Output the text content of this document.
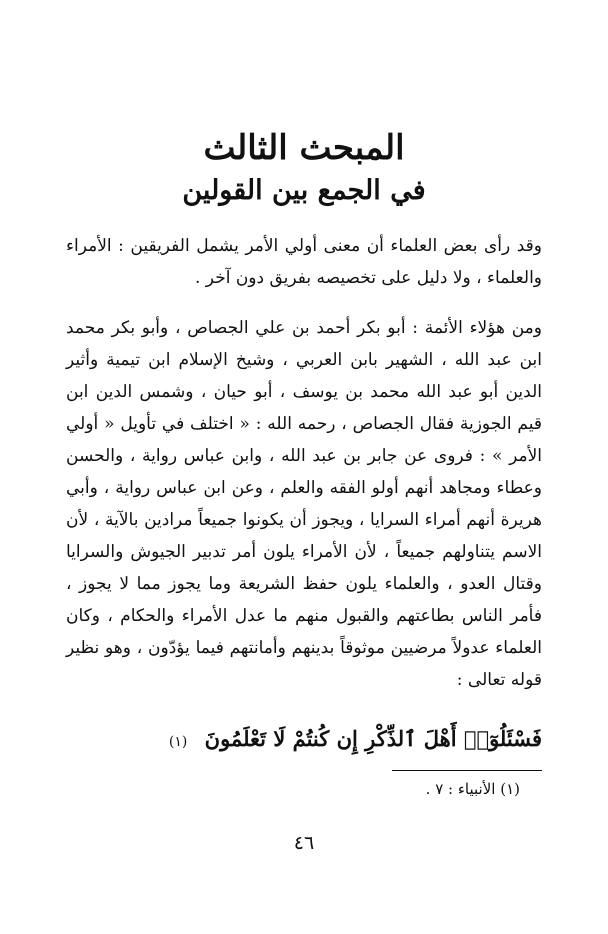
المبحث الثالث
في الجمع بين القولين

وقد رأى بعض العلماء أن معنى أولي الأمر يشمل الفريقين : الأمراء والعلماء ، ولا دليل على تخصيصه بفريق دون آخر .

ومن هؤلاء الأئمة : أبو بكر أحمد بن علي الجصاص ، وأبو بكر محمد ابن عبد الله ، الشهير بابن العربي ، وشيخ الإسلام ابن تيمية وأثير الدين أبو عبد الله محمد بن يوسف ، أبو حيان ، وشمس الدين ابن قيم الجوزية فقال الجصاص ، رحمه الله : « اختلف في تأويل « أولي الأمر » : فروى عن جابر بن عبد الله ، وابن عباس رواية ، والحسن وعطاء ومجاهد أنهم أولو الفقه والعلم ، وعن ابن عباس رواية ، وأبي هريرة أنهم أمراء السرايا ، ويجوز أن يكونوا جميعاً مرادين بالآية ، لأن الاسم يتناولهم جميعاً ، لأن الأمراء يلون أمر تدبير الجيوش والسرايا وقتال العدو ، والعلماء يلون حفظ الشريعة وما يجوز مما لا يجوز ، فأمر الناس بطاعتهم والقبول منهم ما عدل الأمراء والحكام ، وكان العلماء عدولاً مرضيين موثوقاً بدينهم وأمانتهم فيما يؤدّون ، وهو نظير قوله تعالى :

فَسْئَلُوٓا۟ أَهْلَ ٱلذِّكْرِ إِن كُنتُمْ لَا تَعْلَمُونَ (١)
(١) الأنبياء : ٧ .
٤٦
